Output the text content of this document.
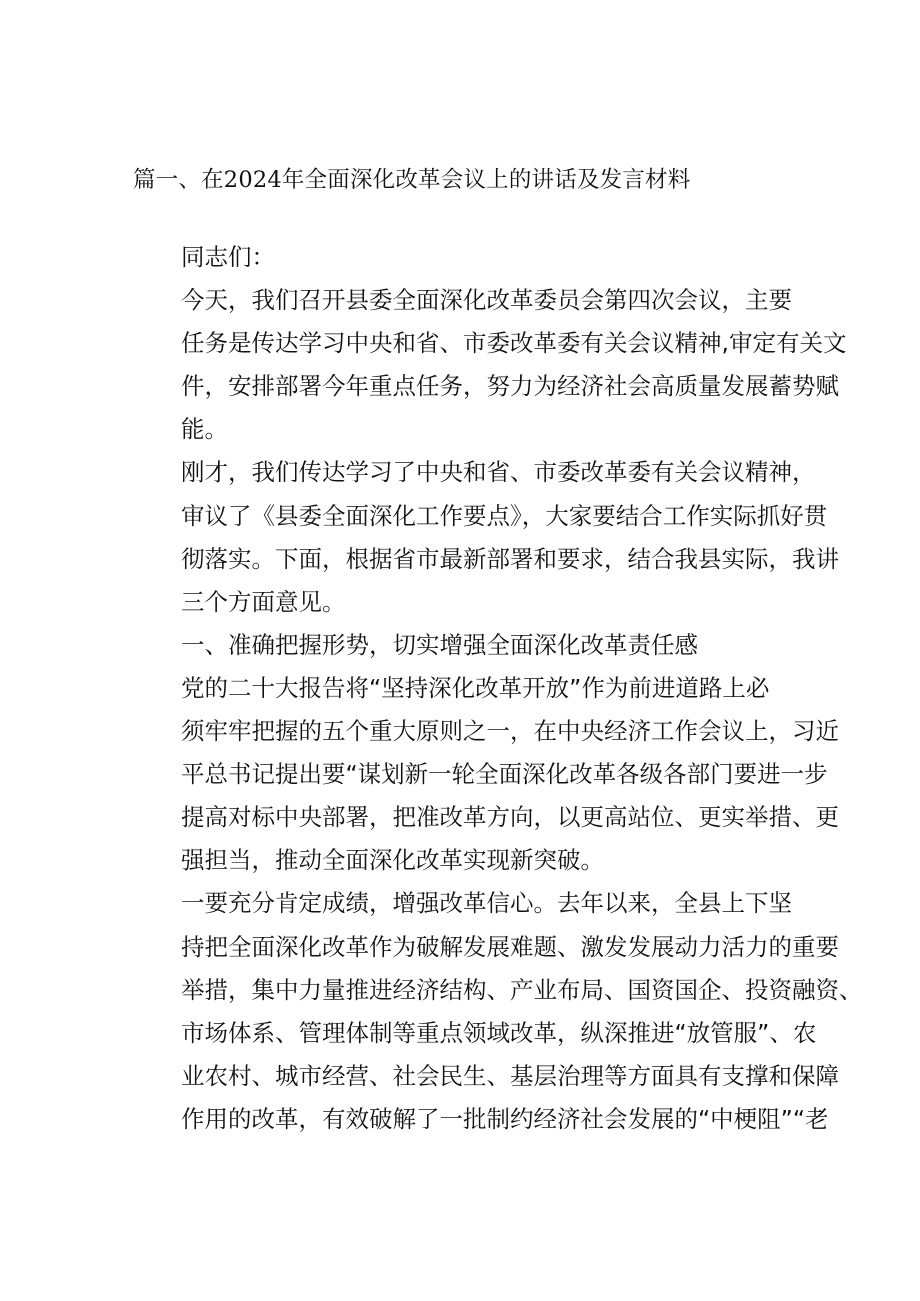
篇一、在2024年全面深化改革会议上的讲话及发言材料

同志们：

今天，我们召开县委全面深化改革委员会第四次会议，主要
任务是传达学习中央和省、市委改革委有关会议精神,审定有关文
件，安排部署今年重点任务，努力为经济社会高质量发展蓄势赋
能。

刚才，我们传达学习了中央和省、市委改革委有关会议精神，
审议了《县委全面深化工作要点》，大家要结合工作实际抓好贯
彻落实。下面，根据省市最新部署和要求，结合我县实际，我讲
三个方面意见。

一、准确把握形势，切实增强全面深化改革责任感

党的二十大报告将“坚持深化改革开放”作为前进道路上必
须牢牢把握的五个重大原则之一，在中央经济工作会议上，习近
平总书记提出要“谋划新一轮全面深化改革各级各部门要进一步
提高对标中央部署，把准改革方向，以更高站位、更实举措、更
强担当，推动全面深化改革实现新突破。

一要充分肯定成绩，增强改革信心。去年以来，全县上下坚
持把全面深化改革作为破解发展难题、激发发展动力活力的重要
举措，集中力量推进经济结构、产业布局、国资国企、投资融资、
市场体系、管理体制等重点领域改革，纵深推进“放管服”、农
业农村、城市经营、社会民生、基层治理等方面具有支撑和保障
作用的改革，有效破解了一批制约经济社会发展的“中梗阻”“老
